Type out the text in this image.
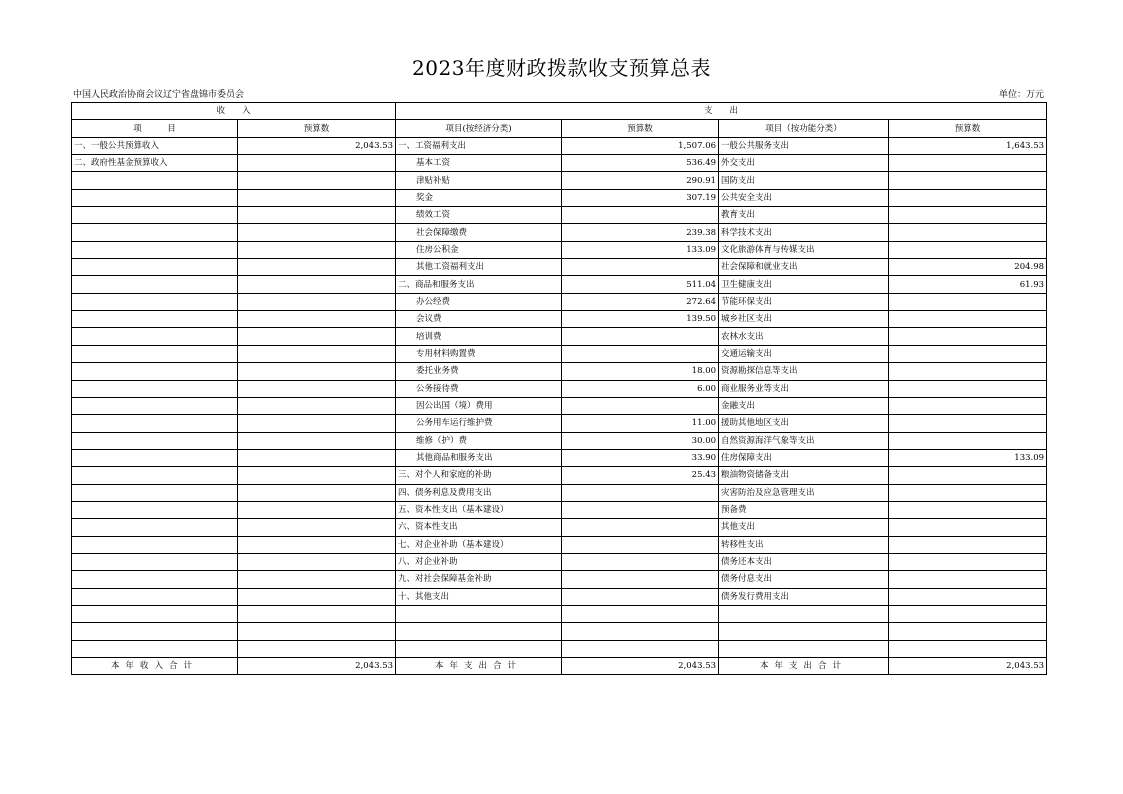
2023年度财政拨款收支预算总表
中国人民政治协商会议辽宁省盘锦市委员会	单位：万元
收　　入		支　　出			
项　　　目	预算数	项目(按经济分类)	预算数	项目（按功能分类）	预算数
一、一般公共预算收入	2,043.53	一、工资福利支出	1,507.06	一般公共服务支出	1,643.53
二、政府性基金预算收入		基本工资	536.49	外交支出	
		津贴补贴	290.91	国防支出	
		奖金	307.19	公共安全支出	
		绩效工资		教育支出	
		社会保障缴费	239.38	科学技术支出	
		住房公积金	133.09	文化旅游体育与传媒支出	
		其他工资福利支出		社会保障和就业支出	204.98
		二、商品和服务支出	511.04	卫生健康支出	61.93
		办公经费	272.64	节能环保支出	
		会议费	139.50	城乡社区支出	
		培训费		农林水支出	
		专用材料购置费		交通运输支出	
		委托业务费	18.00	资源勘探信息等支出	
		公务接待费	6.00	商业服务业等支出	
		因公出国（境）费用		金融支出	
		公务用车运行维护费	11.00	援助其他地区支出	
		维修（护）费	30.00	自然资源海洋气象等支出	
		其他商品和服务支出	33.90	住房保障支出	133.09
		三、对个人和家庭的补助	25.43	粮油物资储备支出	
		四、债务利息及费用支出		灾害防治及应急管理支出	
		五、资本性支出（基本建设）		预备费	
		六、资本性支出		其他支出	
		七、对企业补助（基本建设）		转移性支出	
		八、对企业补助		债务还本支出	
		九、对社会保障基金补助		债务付息支出	
		十、其他支出		债务发行费用支出	

本年收入合计	2,043.53	本年支出合计	2,043.53	本年支出合计	2,043.53
